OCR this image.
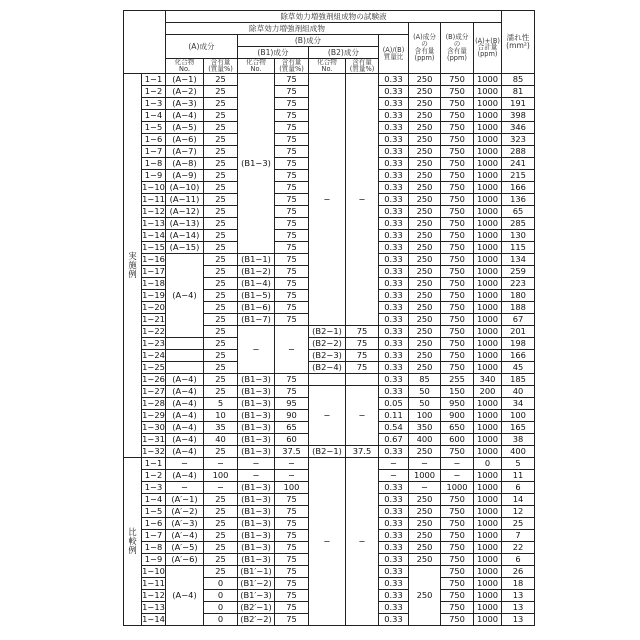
	除草効力増強剤組成物の試験液	濡れ性
(mm²)
除草効力増強剤組成物	(A)成分
の
含有量
(ppm)	(B)成分
の
含有量
(ppm)	(A)+(B)
合計量
(ppm)
(A)成分	(B)成分	(A)/(B)
質量比
(B1)成分	(B2)成分
化合物
No.	含有量
(質量%)	化合物
No.	含有量
(質量%)	化合物
No.	含有量
(質量%)

実
施
例
	1−1	(A−1)	25	(B1−3)	75	−	−	0.33	250	750	1000	85
1−2	(A−2)	25	75	0.33	250	750	1000	81
1−3	(A−3)	25	75	0.33	250	750	1000	191
1−4	(A−4)	25	75	0.33	250	750	1000	398
1−5	(A−5)	25	75	0.33	250	750	1000	346
1−6	(A−6)	25	75	0.33	250	750	1000	323
1−7	(A−7)	25	75	0.33	250	750	1000	288
1−8	(A−8)	25	75	0.33	250	750	1000	241
1−9	(A−9)	25	75	0.33	250	750	1000	215
1−10	(A−10)	25	75	0.33	250	750	1000	166
1−11	(A−11)	25	75	0.33	250	750	1000	136
1−12	(A−12)	25	75	0.33	250	750	1000	65
1−13	(A−13)	25	75	0.33	250	750	1000	285
1−14	(A−14)	25	75	0.33	250	750	1000	130
1−15	(A−15)	25	75	0.33	250	750	1000	115
1−16	(A−4)	25	(B1−1)	75	0.33	250	750	1000	134
1−17	25	(B1−2)	75	0.33	250	750	1000	259
1−18	25	(B1−4)	75	0.33	250	750	1000	223
1−19	25	(B1−5)	75	0.33	250	750	1000	180
1−20	25	(B1−6)	75	0.33	250	750	1000	188
1−21	25	(B1−7)	75	0.33	250	750	1000	67
1−22	25	−	−	(B2−1)	75	0.33	250	750	1000	201
1−23		25	(B2−2)	75	0.33	250	750	1000	198
1−24		25	(B2−3)	75	0.33	250	750	1000	166
1−25		25	(B2−4)	75	0.33	250	750	1000	45
1−26	(A−4)	25	(B1−3)	75			0.33	85	255	340	185
1−27	(A−4)	25	(B1−3)	75	−	−	0.33	50	150	200	40
1−28	(A−4)	5	(B1−3)	95	0.05	50	950	1000	34
1−29	(A−4)	10	(B1−3)	90	0.11	100	900	1000	100
1−30	(A−4)	35	(B1−3)	65	0.54	350	650	1000	165
1−31	(A−4)	40	(B1−3)	60	0.67	400	600	1000	38
1−32	(A−4)	25	(B1−3)	37.5	(B2−1)	37.5	0.33	250	750	1000	400

比
較
例
	1−1	−	−	−	−	−	−	−	−	−	0	5
1−2	(A−4)	100	−	−	−	1000	−	1000	11
1−3	−	−	(B1−3)	100	0.33	−	1000	1000	6
1−4	(A′−1)	25	(B1−3)	75	0.33	250	750	1000	14
1−5	(A′−2)	25	(B1−3)	75	0.33	250	750	1000	12
1−6	(A′−3)	25	(B1−3)	75	0.33	250	750	1000	25
1−7	(A′−4)	25	(B1−3)	75	0.33	250	750	1000	7
1−8	(A′−5)	25	(B1−3)	75	0.33	250	750	1000	22
1−9	(A′−6)	25	(B1−3)	75	0.33	250	750	1000	6
1−10	(A−4)	25	(B1′−1)	75	0.33	250	750	1000	26
1−11	0	(B1′−2)	75	0.33	750	1000	18
1−12	0	(B1′−3)	75	0.33	750	1000	13
1−13	0	(B2′−1)	75	0.33	750	1000	13
1−14	0	(B2′−2)	75	0.33	750	1000	13
